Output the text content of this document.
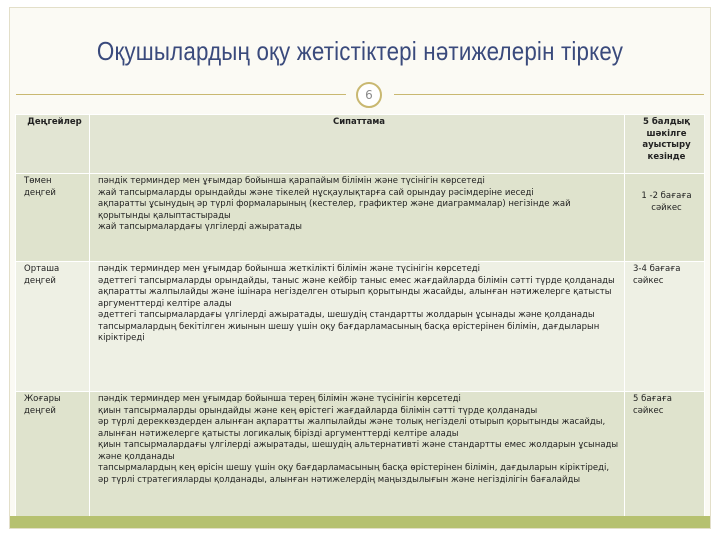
Оқушылардың оқу жетістіктері нәтижелерін тіркеу
6
Деңгейлер	Сипаттама	5 балдық шәкілге ауыстыру кезінде
Төмен деңгей	пәндік терминдер мен ұғымдар бойынша қарапайым білімін және түсінігін көрсетеді
жай тапсырмаларды орындайды және тікелей нұсқаулықтарға сай орындау рәсімдеріне иеседі
ақпаратты ұсынудың әр түрлі формаларының (кестелер, графиктер және диаграммалар) негізінде жай қорытынды қалыптастырады
жай тапсырмалардағы үлгілерді ажыратады	1 -2 бағаға сәйкес
Орташа деңгей	пәндік терминдер мен ұғымдар бойынша жеткілікті білімін және түсінігін көрсетеді
әдеттегі тапсырмаларды орындайды, таныс және кейбір таныс емес жағдайларда білімін сәтті түрде қолданады
ақпаратты жалпылайды және ішінара негізделген отырып қорытынды жасайды, алынған нәтижелерге қатысты аргументтерді келтіре алады
әдеттегі тапсырмалардағы үлгілерді ажыратады, шешудің стандартты жолдарын ұсынады және қолданады
тапсырмалардың бекітілген жиынын шешу үшін оқу бағдарламасының басқа өрістерінен білімін, дағдыларын кіріктіреді	3-4 бағаға сәйкес
Жоғары деңгей	пәндік терминдер мен ұғымдар бойынша терең білімін және түсінігін көрсетеді
қиын тапсырмаларды орындайды және кең өрістегі жағдайларда білімін сәтті түрде қолданады
әр түрлі дереккөздерден алынған ақпаратты жалпылайды және толық негізделі отырып қорытынды жасайды, алынған нәтижелерге қатысты логикалық бірізді аргументтерді келтіре алады
қиын тапсырмалардағы үлгілерді ажыратады, шешудің альтернативті және стандартты емес жолдарын ұсынады және қолданады
тапсырмалардың кең өрісін шешу үшін оқу бағдарламасының басқа өрістерінен білімін, дағдыларын кіріктіреді, әр түрлі стратегияларды қолданады, алынған нәтижелердің маңыздылығын және негізділігін бағалайды	5 бағаға сәйкес
